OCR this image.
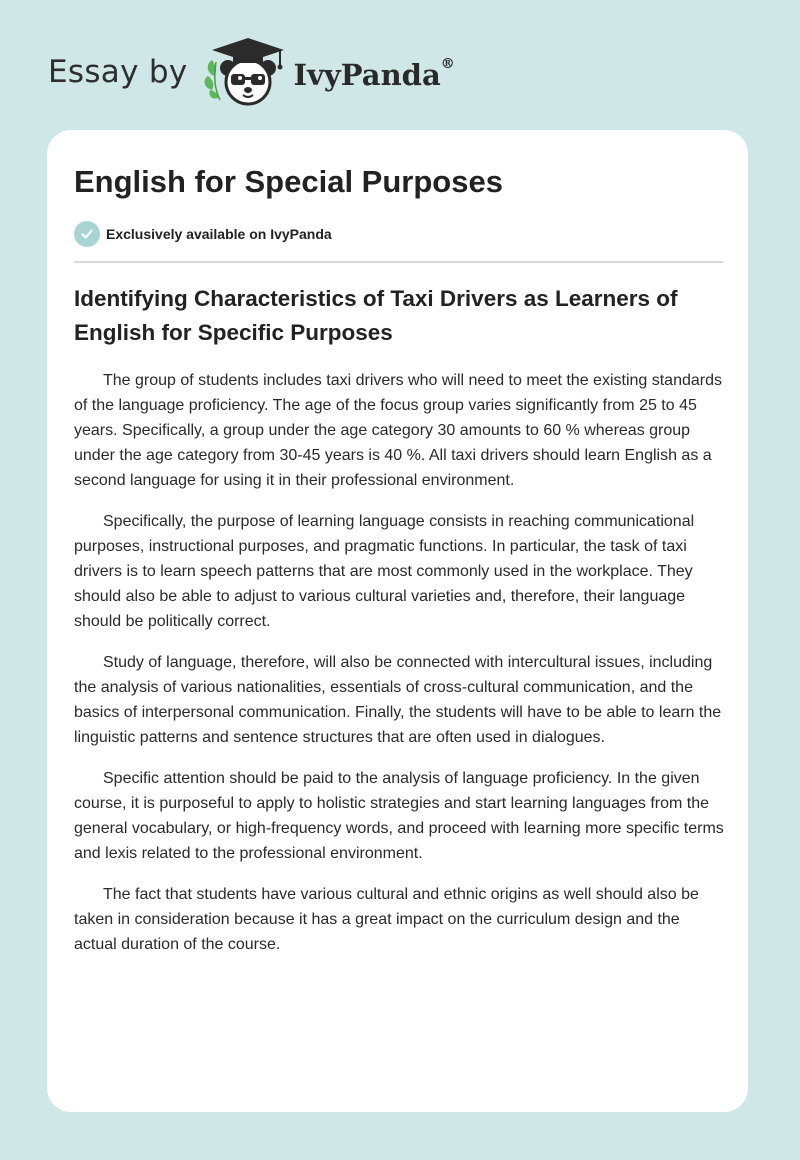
Essay by	IvyPanda®
English for Special Purposes
Exclusively available on IvyPanda
Identifying Characteristics of Taxi Drivers as Learners of English for Specific Purposes

The group of students includes taxi drivers who will need to meet the existing standards of the language proficiency. The age of the focus group varies significantly from 25 to 45 years. Specifically, a group under the age category 30 amounts to 60 % whereas group under the age category from 30-45 years is 40 %. All taxi drivers should learn English as a second language for using it in their professional environment.

Specifically, the purpose of learning language consists in reaching communicational purposes, instructional purposes, and pragmatic functions. In particular, the task of taxi drivers is to learn speech patterns that are most commonly used in the workplace. They should also be able to adjust to various cultural varieties and, therefore, their language should be politically correct.

Study of language, therefore, will also be connected with intercultural issues, including the analysis of various nationalities, essentials of cross-cultural communication, and the basics of interpersonal communication. Finally, the students will have to be able to learn the linguistic patterns and sentence structures that are often used in dialogues.

Specific attention should be paid to the analysis of language proficiency. In the given course, it is purposeful to apply to holistic strategies and start learning languages from the general vocabulary, or high-frequency words, and proceed with learning more specific terms and lexis related to the professional environment.

The fact that students have various cultural and ethnic origins as well should also be taken in consideration because it has a great impact on the curriculum design and the actual duration of the course.
